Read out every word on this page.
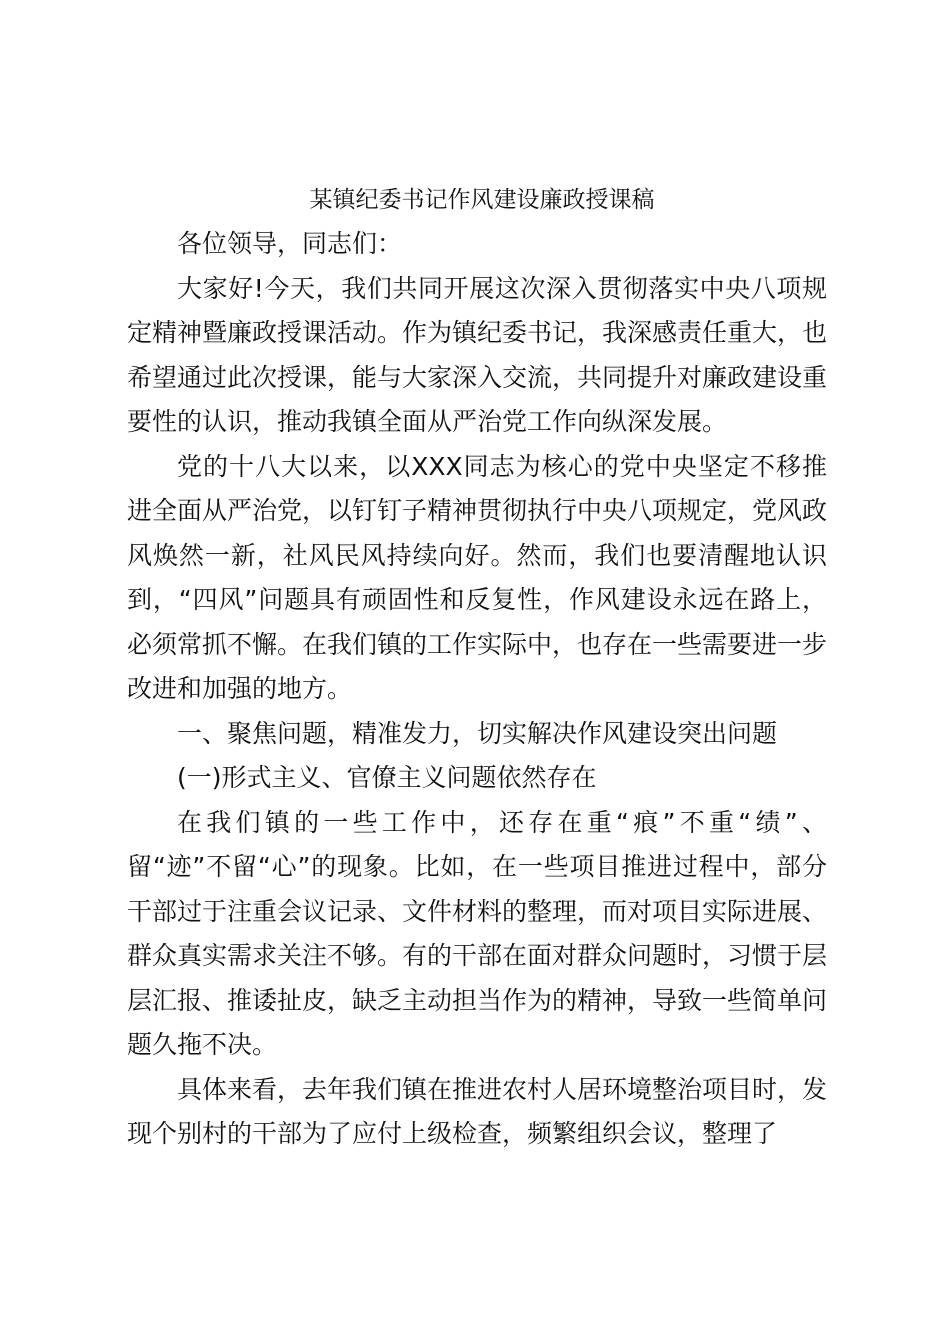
某镇纪委书记作风建设廉政授课稿

各位领导，同志们：

大家好!今天，我们共同开展这次深入贯彻落实中央八项规定精神暨廉政授课活动。作为镇纪委书记，我深感责任重大，也希望通过此次授课，能与大家深入交流，共同提升对廉政建设重要性的认识，推动我镇全面从严治党工作向纵深发展。

党的十八大以来，以XXX同志为核心的党中央坚定不移推进全面从严治党，以钉钉子精神贯彻执行中央八项规定，党风政风焕然一新，社风民风持续向好。然而，我们也要清醒地认识到，“四风”问题具有顽固性和反复性，作风建设永远在路上，必须常抓不懈。在我们镇的工作实际中，也存在一些需要进一步改进和加强的地方。

一、聚焦问题，精准发力，切实解决作风建设突出问题

(一)形式主义、官僚主义问题依然存在

在我们镇的一些工作中，还存在重“痕”不重“绩”、留“迹”不留“心”的现象。比如，在一些项目推进过程中，部分干部过于注重会议记录、文件材料的整理，而对项目实际进展、群众真实需求关注不够。有的干部在面对群众问题时，习惯于层层汇报、推诿扯皮，缺乏主动担当作为的精神，导致一些简单问题久拖不决。

具体来看，去年我们镇在推进农村人居环境整治项目时，发现个别村的干部为了应付上级检查，频繁组织会议，整理了
